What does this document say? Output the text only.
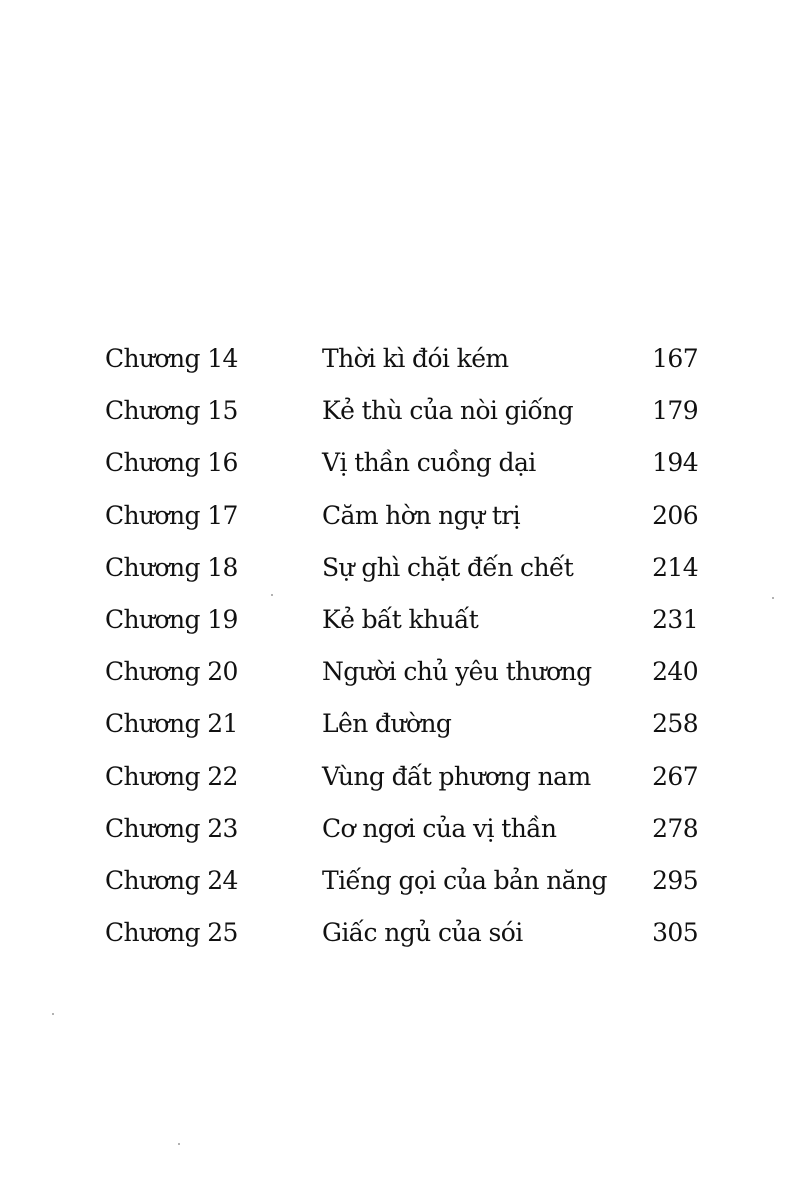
Chương 14	Thời kì đói kém	167
Chương 15	Kẻ thù của nòi giống	179
Chương 16	Vị thần cuồng dại	194
Chương 17	Căm hờn ngự trị	206
Chương 18	Sự ghì chặt đến chết	214
Chương 19	Kẻ bất khuất	231
Chương 20	Người chủ yêu thương 240
Chương 21	Lên đường	258
Chương 22	Vùng đất phương nam 267
Chương 23	Cơ ngơi của vị thần	278
Chương 24	Tiếng gọi của bản năng 295
Chương 25	Giấc ngủ của sói	305
